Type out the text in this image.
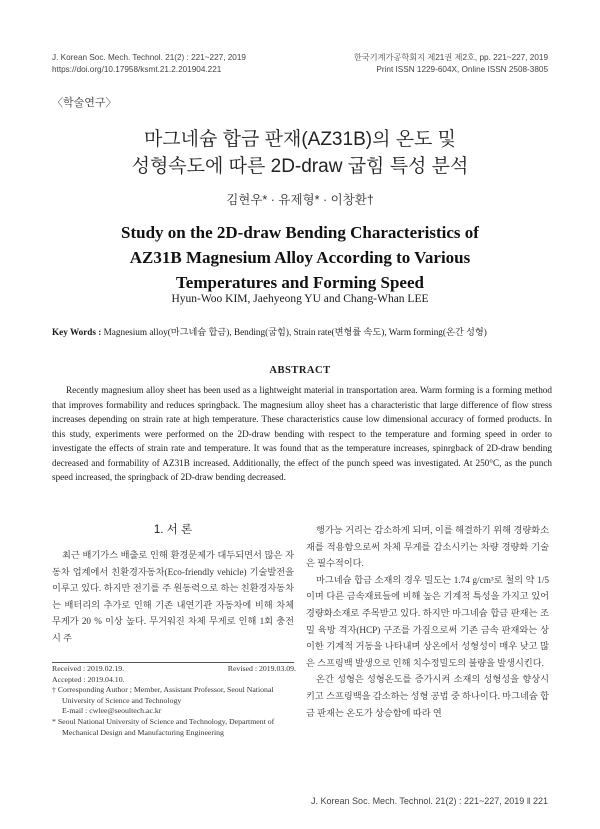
J. Korean Soc. Mech. Technol. 21(2) : 221~227, 2019
https://doi.org/10.17958/ksmt.21.2.201904.221
한국기계가공학회지 제21권 제2호, pp. 221~227, 2019
Print ISSN 1229-604X, Online ISSN 2508-3805
〈학술연구〉
마그네슘 합금 판재(AZ31B)의 온도 및
성형속도에 따른 2D-draw 굽힘 특성 분석
김현우* · 유제형* · 이창환†
Study on the 2D-draw Bending Characteristics of
AZ31B Magnesium Alloy According to Various
Temperatures and Forming Speed
Hyun-Woo KIM, Jaehyeong YU and Chang-Whan LEE
Key Words : Magnesium alloy(마그네슘 합금), Bending(굽힘), Strain rate(변형률 속도), Warm forming(온간 성형)
ABSTRACT
Recently magnesium alloy sheet has been used as a lightweight material in transportation area. Warm forming is a forming method that improves formability and reduces springback. The magnesium alloy sheet has a characteristic that large difference of flow stress increases depending on strain rate at high temperature. These characteristics cause low dimensional accuracy of formed products. In this study, experiments were performed on the 2D-draw bending with respect to the temperature and forming speed in order to investigate the effects of strain rate and temperature. It was found that as the temperature increases, spinrgback of 2D-draw bending decreased and formability of AZ31B increased. Additionally, the effect of the punch speed was investigated. At 250°C, as the punch speed increased, the springback of 2D-draw bending decreased.
1. 서 론
최근 배기가스 배출로 인해 환경문제가 대두되면서 많은 자동차 업계에서 친환경자동차(Eco-friendly vehicle) 기술발전을 이루고 있다. 하지만 전기를 주 원동력으로 하는 친환경자동차는 배터리의 추가로 인해 기존 내연기관 자동차에 비해 차체 무게가 20 % 이상 높다. 무거워진 차체 무게로 인해 1회 충전 시 주

행가능 거리는 감소하게 되며, 이를 해결하기 위해 경량화소재를 적용함으로써 차체 무게를 감소시키는 차량 경량화 기술은 필수적이다.

마그네슘 합금 소재의 경우 밀도는 1.74 g/cm³로 철의 약 1/5이며 다른 금속재료들에 비해 높은 기계적 특성을 가지고 있어 경량화소재로 주목받고 있다. 하지만 마그네슘 합금 판재는 조밀 육방 격자(HCP) 구조를 가짐으로써 기존 금속 판재와는 상이한 기계적 거동을 나타내며 상온에서 성형성이 매우 낮고 많은 스프링백 발생으로 인해 치수정밀도의 불량을 발생시킨다.

온간 성형은 성형온도를 증가시켜 소재의 성형성을 향상시키고 스프링백을 감소하는 성형 공법 중 하나이다. 마그네슘 합금 판재는 온도가 상승함에 따라 연

Received : 2019.02.19.	Revised : 2019.03.09.
Accepted : 2019.04.10.
† Corresponding Author ; Member, Assistant Professor, Seoul National University of Science and Technology
E-mail : cwlee@seoultech.ac.kr
* Seoul National University of Science and Technology, Department of Mechanical Design and Manufacturing Engineering
J. Korean Soc. Mech. Technol. 21(2) : 221~227, 2019 ‖ 221
